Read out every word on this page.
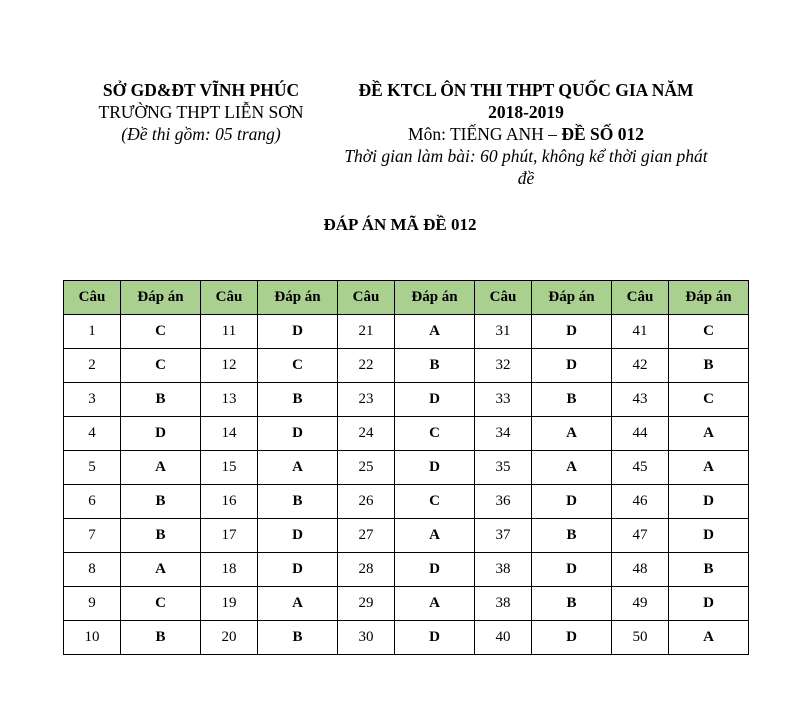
SỞ GD&ĐT VĨNH PHÚC
TRƯỜNG THPT LIỄN SƠN
(Đề thi gồm: 05 trang)
ĐỀ KTCL ÔN THI THPT QUỐC GIA NĂM
2018-2019
Môn: TIẾNG ANH – ĐỀ SỐ 012
Thời gian làm bài: 60 phút, không kể thời gian phát
đề
ĐÁP ÁN MÃ ĐỀ 012
Câu	Đáp án	Câu	Đáp án	Câu	Đáp án	Câu	Đáp án	Câu	Đáp án
1	C	11	D	21	A	31	D	41	C
2	C	12	C	22	B	32	D	42	B
3	B	13	B	23	D	33	B	43	C
4	D	14	D	24	C	34	A	44	A
5	A	15	A	25	D	35	A	45	A
6	B	16	B	26	C	36	D	46	D
7	B	17	D	27	A	37	B	47	D
8	A	18	D	28	D	38	D	48	B
9	C	19	A	29	A	38	B	49	D
10	B	20	B	30	D	40	D	50	A
